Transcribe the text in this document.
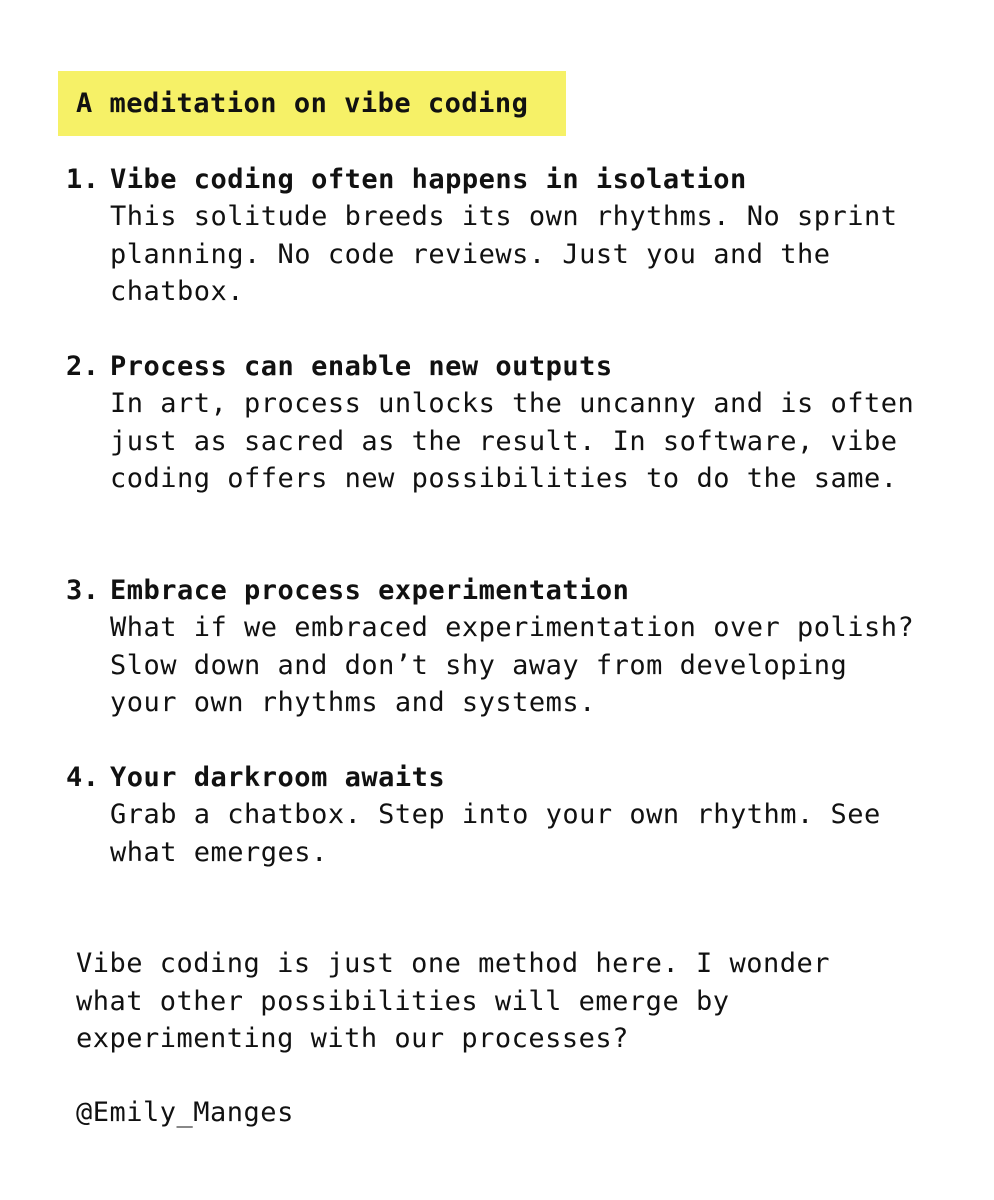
A meditation on vibe coding
1. Vibe coding often happens in isolation
This solitude breeds its own rhythms. No sprint planning. No code reviews. Just you and the chatbox.
2. Process can enable new outputs
In art, process unlocks the uncanny and is often just as sacred as the result. In software, vibe coding offers new possibilities to do the same.
3. Embrace process experimentation
What if we embraced experimentation over polish? Slow down and don’t shy away from developing your own rhythms and systems.
4. Your darkroom awaits
Grab a chatbox. Step into your own rhythm. See what emerges.
Vibe coding is just one method here. I wonder what other possibilities will emerge by experimenting with our processes?
@Emily_Manges
